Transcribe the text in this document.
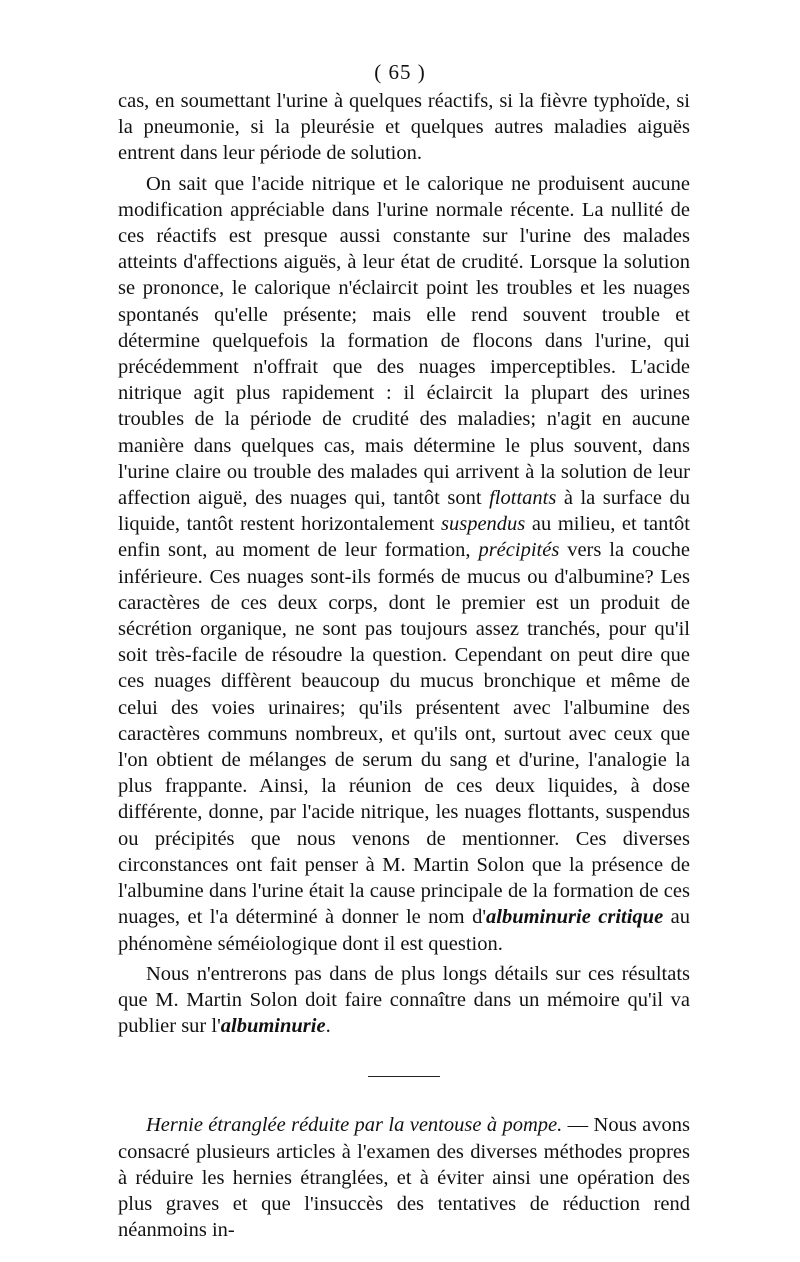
( 65 )

cas, en soumettant l'urine à quelques réactifs, si la fièvre typhoïde, si la pneumonie, si la pleurésie et quelques autres maladies aiguës entrent dans leur période de solution.

On sait que l'acide nitrique et le calorique ne produisent aucune modification appréciable dans l'urine normale récente. La nullité de ces réactifs est presque aussi constante sur l'urine des malades atteints d'affections aiguës, à leur état de crudité. Lorsque la solution se prononce, le calorique n'éclaircit point les troubles et les nuages spontanés qu'elle présente; mais elle rend souvent trouble et détermine quelquefois la formation de flocons dans l'urine, qui précédemment n'offrait que des nuages imperceptibles. L'acide nitrique agit plus rapidement : il éclaircit la plupart des urines troubles de la période de crudité des maladies; n'agit en aucune manière dans quelques cas, mais détermine le plus souvent, dans l'urine claire ou trouble des malades qui arrivent à la solution de leur affection aiguë, des nuages qui, tantôt sont flottants à la surface du liquide, tantôt restent horizontalement suspendus au milieu, et tantôt enfin sont, au moment de leur formation, précipités vers la couche inférieure. Ces nuages sont-ils formés de mucus ou d'albumine? Les caractères de ces deux corps, dont le premier est un produit de sécrétion organique, ne sont pas toujours assez tranchés, pour qu'il soit très-facile de résoudre la question. Cependant on peut dire que ces nuages diffèrent beaucoup du mucus bronchique et même de celui des voies urinaires; qu'ils présentent avec l'albumine des caractères communs nombreux, et qu'ils ont, surtout avec ceux que l'on obtient de mélanges de serum du sang et d'urine, l'analogie la plus frappante. Ainsi, la réunion de ces deux liquides, à dose différente, donne, par l'acide nitrique, les nuages flottants, suspendus ou précipités que nous venons de mentionner. Ces diverses circonstances ont fait penser à M. Martin Solon que la présence de l'albumine dans l'urine était la cause principale de la formation de ces nuages, et l'a déterminé à donner le nom d'albuminurie critique au phénomène séméiologique dont il est question.

Nous n'entrerons pas dans de plus longs détails sur ces résultats que M. Martin Solon doit faire connaître dans un mémoire qu'il va publier sur l'albuminurie.

Hernie étranglée réduite par la ventouse à pompe. — Nous avons consacré plusieurs articles à l'examen des diverses méthodes propres à réduire les hernies étranglées, et à éviter ainsi une opération des plus graves et que l'insuccès des tentatives de réduction rend néanmoins in-
